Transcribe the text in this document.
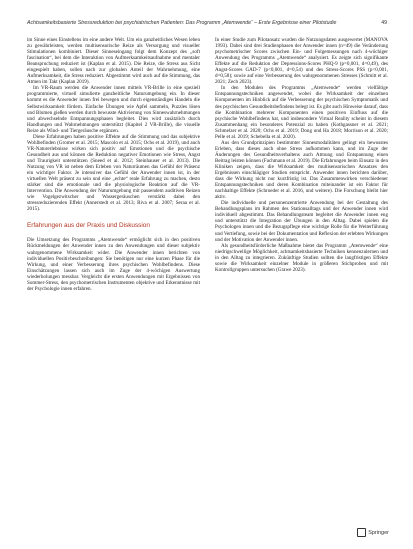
Achtsamkeitsbasierte Stressreduktion bei psychiatrischen Patienten: Das Programm „Atemwende“ – Erste Ergebnisse einer Pilotstudie	49

im Sinne eines Einstellens im eine andere Welt. Um ein ganzheitliches Wesen leben zu gewährleisten, werden multisensorische Reize als Versorgung und visueller Stimulationen kombiniert. Dieser Sinneseingang folgt dem Konzept des „soft fascination“, bei dem die Interaktion von Aufmerksamkeitsaufnahme und mentaler Beanspruchung reduziert ist (Kaplan et al. 2015). Die Reize, die Stress aus Sicht eingespielt haben, sollen nach zur globalen Anteil der Wahrnehmung, eine Aufmerksamkeit, die Stress reduziert. Abgestimmt wird auch auf die Stimmung, das Atmen im Takt (Kaplan 2019).

Im VR-Raum werden die Anwender innen mittels VR-Brille in eine speziell programmierte, virtuell simulierte ganzheitliche Naturumgebung ein. In dieser kommt es die Anwender innen frei bewegen und durch eigenständiges Handeln die Selbstwirksamkeit fördern. Einfache Übungen wie Apfel sammeln, Puzzles lösen und Blumen gießen werden durch bewusste Aktivierung von Sinneswahrnehmungen und abwechselnde Entspannungsphasen begleitet. Dies wird zusätzlich durch Handlungen und Wahrnehmungen unterstützt (Kapitel 2 VR-Brille), die visuelle Reize als Wind- und Tiergeräusche ergänzen.

Diese Erfahrungen haben positive Effekte auf die Stimmung und das subjektive Wohlbefinden (Gromer et al. 2015; Mascolo et al. 2015; Ochs et al. 2019), und auch VR-Naturerlebnisse wirken sich positiv auf Emotionen und die psychische Gesundheit aus und können die Reduktion negativer Emotionen wie Stress, Angst und Traurigkeit unterstützen (Sneed et al. 2012; Steinhauser et al. 2013). Die Nutzung von VR ist neben dem Erleben von Naturräumen das Gefühl der Präsenz ein wichtiger Faktor. Je intensiver das Gefühl der Anwender innen ist, in der virtuellen Welt präsent zu sein und eine „echte“ reale Erfahrung zu machen, desto stärker sind die emotionale und die physiologische Reaktion auf die VR-Intervention. Die Anwendung der Naturumgebung mit passendem auditiven Reizen wie Vogelgezwitscher und Wassergeräuschen verstärkt dabei den stressreduzierenden Effekt (Annerstedt et al. 2013; Riva et al. 2007; Seraa et al. 2015).

Erfahrungen aus der Praxis und Diskussion

Die Umsetzung des Programms „Atemwende“ ermöglicht sich in den positiven Rückmeldungen der Anwender innen zu den Anwendungen und dieser subjektiv wahrgenommene Wirksamkeit wider. Die Anwender innen berichten von individuellen Positivbeschreibungen: Sie benötigen nur eine kurzen Phase für die Wirkung, und einer Verbesserung ihres psychischen Wohlbefindens. Diese Einschätzungen lassen sich auch im Zuge der 4-wöchigen Auswertung wiederholungen messbar. Vergleicht die ersten Anwendungen mit Ergebnissen von Sommer-Stress, den psychometrischen Instrumenten objektive und Erkenntnisse mit der Psychologie innen erfahren.

In einer Studie zum Pilotansatz wurden die Nutzungsdaten ausgewertet (MANOVA 1993). Dabei sind drei Studienphasen der Anwender innen (n=49) die Veränderung psychometrischer Scores zwischen Ein- und Folgemessungen nach 4-wöchiger Anwendung des Programms „Atemwende“ analysiert. Es zeigte sich signifikante Effekte auf die Reduktion der Depressions-Scores PHQ-9 (p=0,001, d=0,49), des Angst-Scores GAD-7 (p<0,001, d=0,54) und des Stress-Scores PSS (p<0,001, d=0,58); sowie auf eine Verbesserung des wahrgenommenen Stresses (Schmitt et al. 2021; Zech 2023).

In den Modulen des Programms „Atemwende“ werden vielfältige Entspannungstechniken angewendet, wobei die Wirksamkeit der einzelnen Komponenten im Hinblick auf die Verbesserung der psychischen Symptomatik und des psychischen Gesundheitsbefindens belegt ist. Es gibt auch Hinweise darauf, dass die Kombination mehrerer Komponenten einen positiven Einfluss auf die psychische Wohlbefindens hat, und insbesondere Virtual Reality scheint in diesem Zusammenhang ein besonderes Potenzial zu haben (Kothgassner et al. 2021; Schmelzer et al. 2020; Ochs et al. 2019; Dong und Ha 2018; Morrison et al. 2020; Pelle et al. 2019; Schebella et al. 2020).

Aus den Grundprinzipien bestimmter Sinnesmodalitäten gelingt ein bewusstes Erleben, dass dieses auch ohne Stress aufkommen kann, und im Zuge der Änderungen des Gesundheitsverhaltens auch Atmung und Entspannung einen Beitrag leisten können (Fachmann et al. 2019). Die Erfahrungen beim Einsatz in den Kliniken zeigen, dass die Wirksamkeit des multisensorischen Ansatzes den Ergebnissen einschlägiger Studien entspricht. Anwender innen berichten darüber, dass die Wirkung nicht nur kurzfristig ist. Das Zusammenwirken verschiedener Entspannungstechniken und deren Kombination miteinander ist ein Faktor für nachhaltige Effekte (Schroeder et al. 2016, und weitere). Die Forschung bleibt hier aktiv.

Die individuelle und personenzentrierte Anwendung bei der Gestaltung des Behandlungsplans im Rahmen des Stationsalltags und der Anwender innen wird individuell abgestimmt. Das Behandlungsteam begleitet die Anwender innen eng und unterstützt die Integration der Übungen in den Alltag. Dabei spielen die Psychologen innen und die Bezugspflege eine wichtige Rolle für die Weiterführung und Vertiefung, sowie bei der Dokumentation und Reflexion der erlebten Wirkungen und der Motivation der Anwender innen.

Als gesundheitsförderliche Maßnahme bietet das Programm „Atemwende“ eine niedrigschwellige Möglichkeit, achtsamkeitsbasierte Techniken kennenzulernen und in den Alltag zu integrieren. Zukünftige Studien sollten die langfristigen Effekte sowie die Wirksamkeit einzelner Module in größeren Stichproben und mit Kontrollgruppen untersuchen (Grawe 2023).

Springer
